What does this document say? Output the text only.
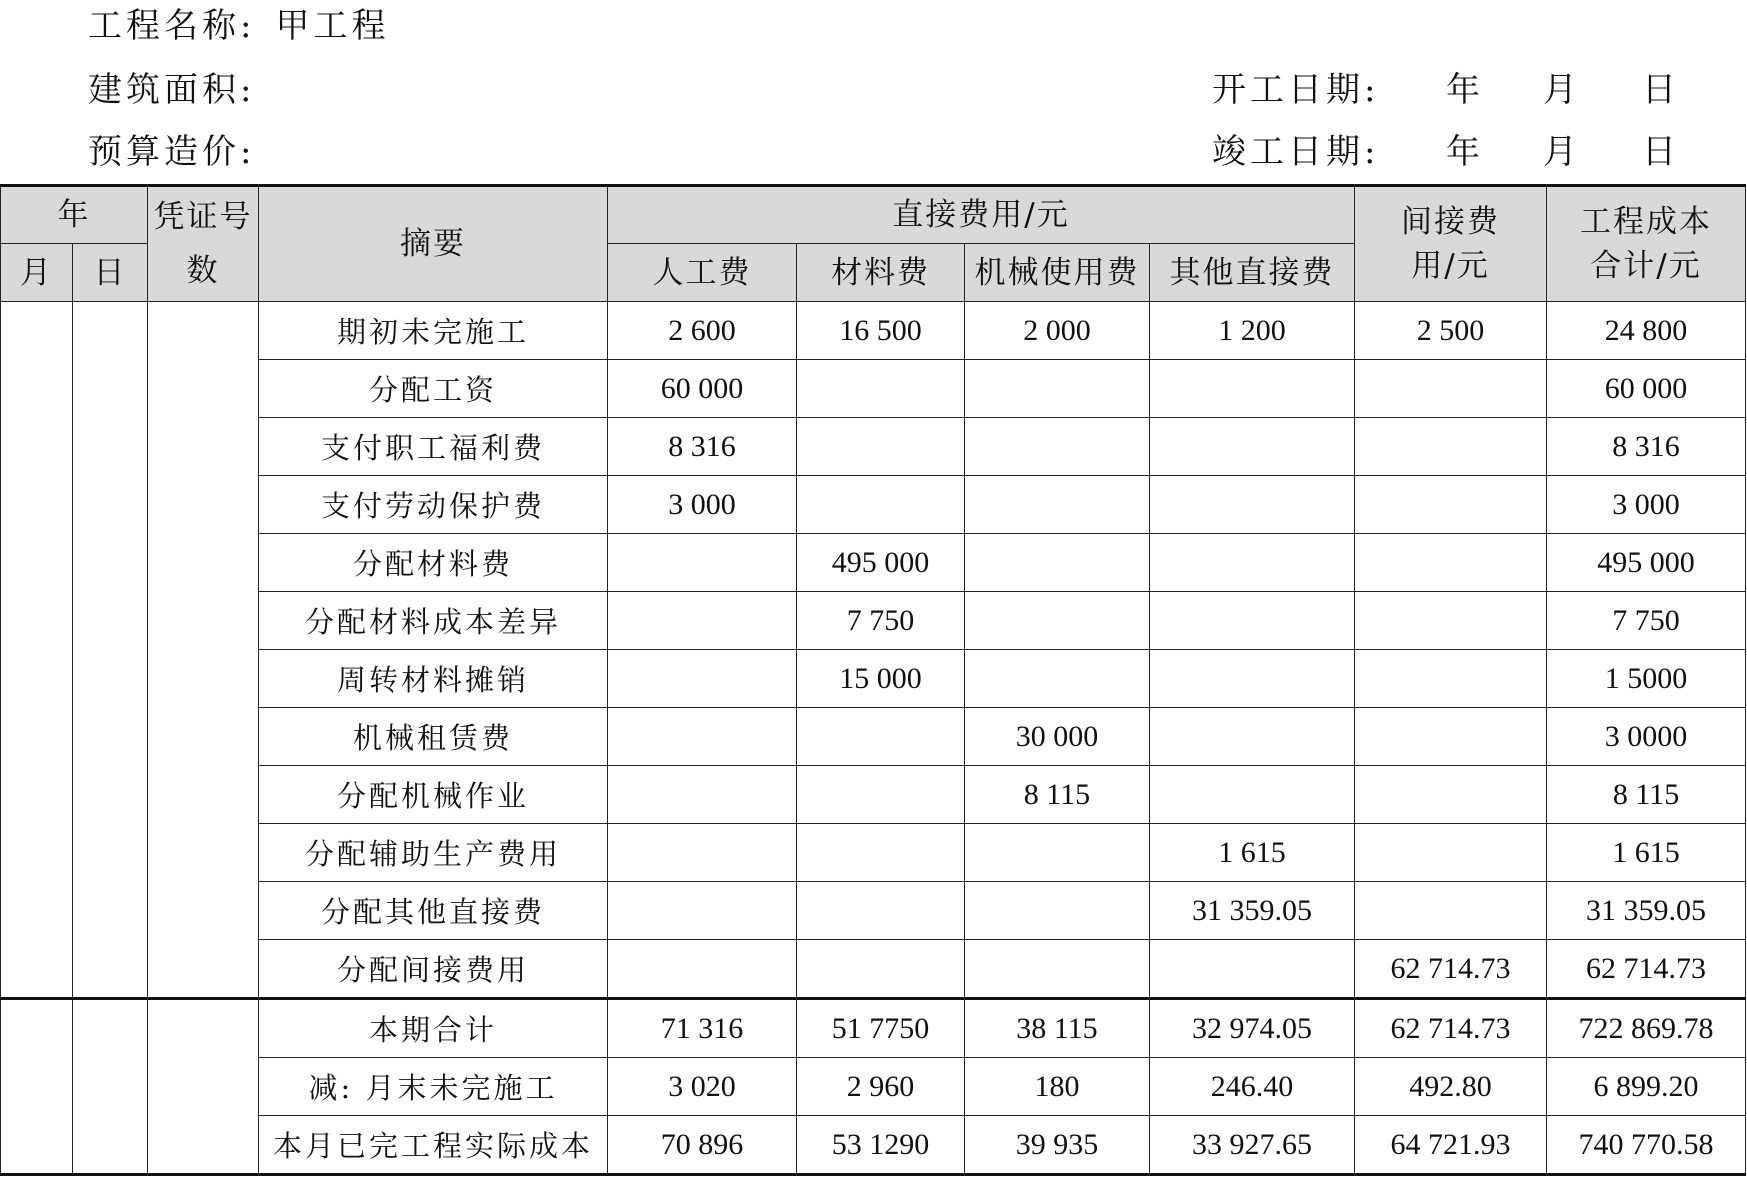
工程名称: 甲工程
建筑面积:
预算造价:
开工日期: 年 月 日
竣工日期: 年 月 日
年		凭证号数	摘要	直接费用/元				间接费用/元	工程成本合计/元

月	日			人工费	材料费	机械使用费	其他直接费		
			期初未完施工	2 600	16 500	2 000	1 200	2 500	24 800
			分配工资	60 000					60 000
			支付职工福利费	8 316					8 316
			支付劳动保护费	3 000					3 000
			分配材料费		495 000				495 000
			分配材料成本差异		7 750				7 750
			周转材料摊销		15 000				1 5000
			机械租赁费			30 000			3 0000
			分配机械作业			8 115			8 115
			分配辅助生产费用				1 615		1 615
			分配其他直接费				31 359.05		31 359.05
			分配间接费用					62 714.73	62 714.73
			本期合计	71 316	51 7750	38 115	32 974.05	62 714.73	722 869.78
			减: 月末未完施工	3 020	2 960	180	246.40	492.80	6 899.20
			本月已完工程实际成本	70 896	53 1290	39 935	33 927.65	64 721.93	740 770.58
